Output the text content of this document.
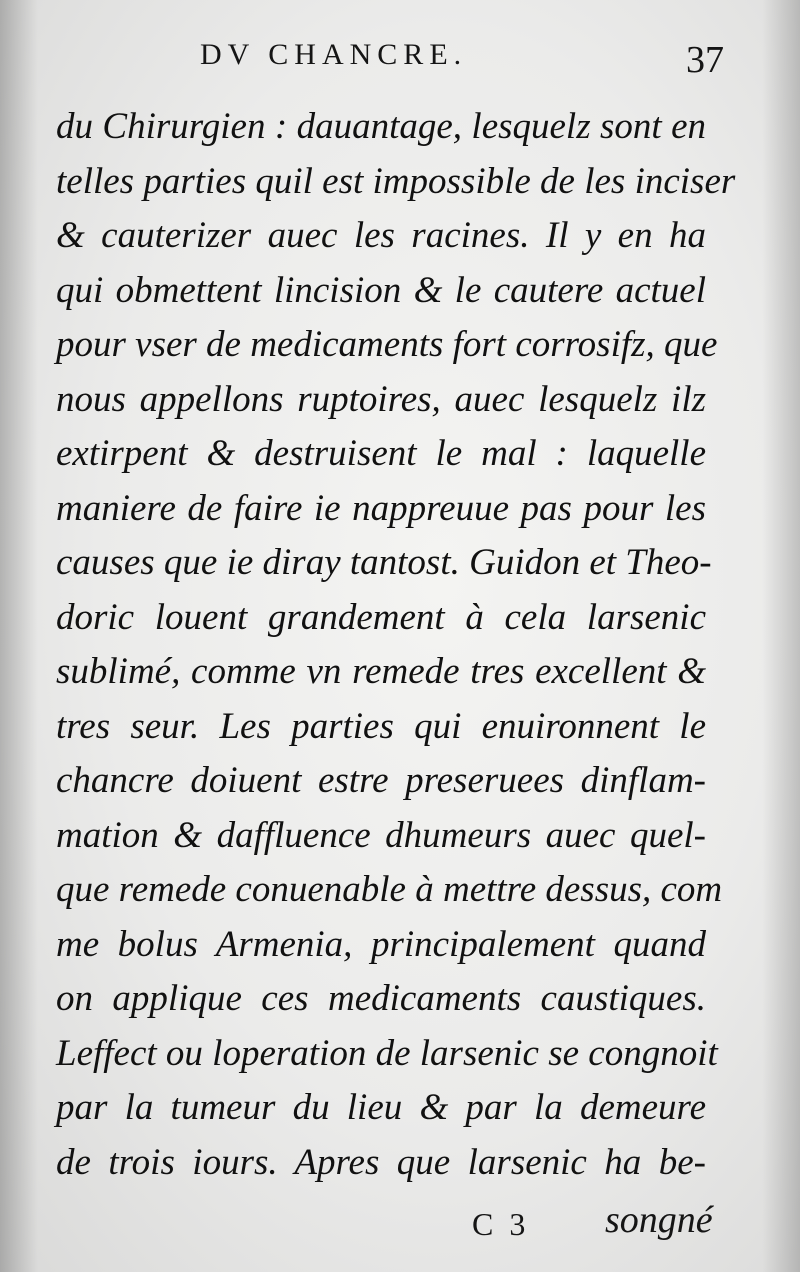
DV CHANCRE.	37
du Chirurgien : dauantage, lesquelz sont en
telles parties quil est impossible de les inciser
& cauterizer auec les racines. Il y en ha
qui obmettent lincision & le cautere actuel
pour vser de medicaments fort corrosifz, que
nous appellons ruptoires, auec lesquelz ilz
extirpent & destruisent le mal : laquelle
maniere de faire ie nappreuue pas pour les
causes que ie diray tantost. Guidon et Theo-
doric louent grandement à cela larsenic
sublimé, comme vn remede tres excellent &
tres seur. Les parties qui enuironnent le
chancre doiuent estre preseruees dinflam-
mation & daffluence dhumeurs auec quel-
que remede conuenable à mettre dessus, com
me bolus Armenia, principalement quand
on applique ces medicaments caustiques.
Leffect ou loperation de larsenic se congnoit
par la tumeur du lieu & par la demeure
de trois iours. Apres que larsenic ha be-
C 3 songné
